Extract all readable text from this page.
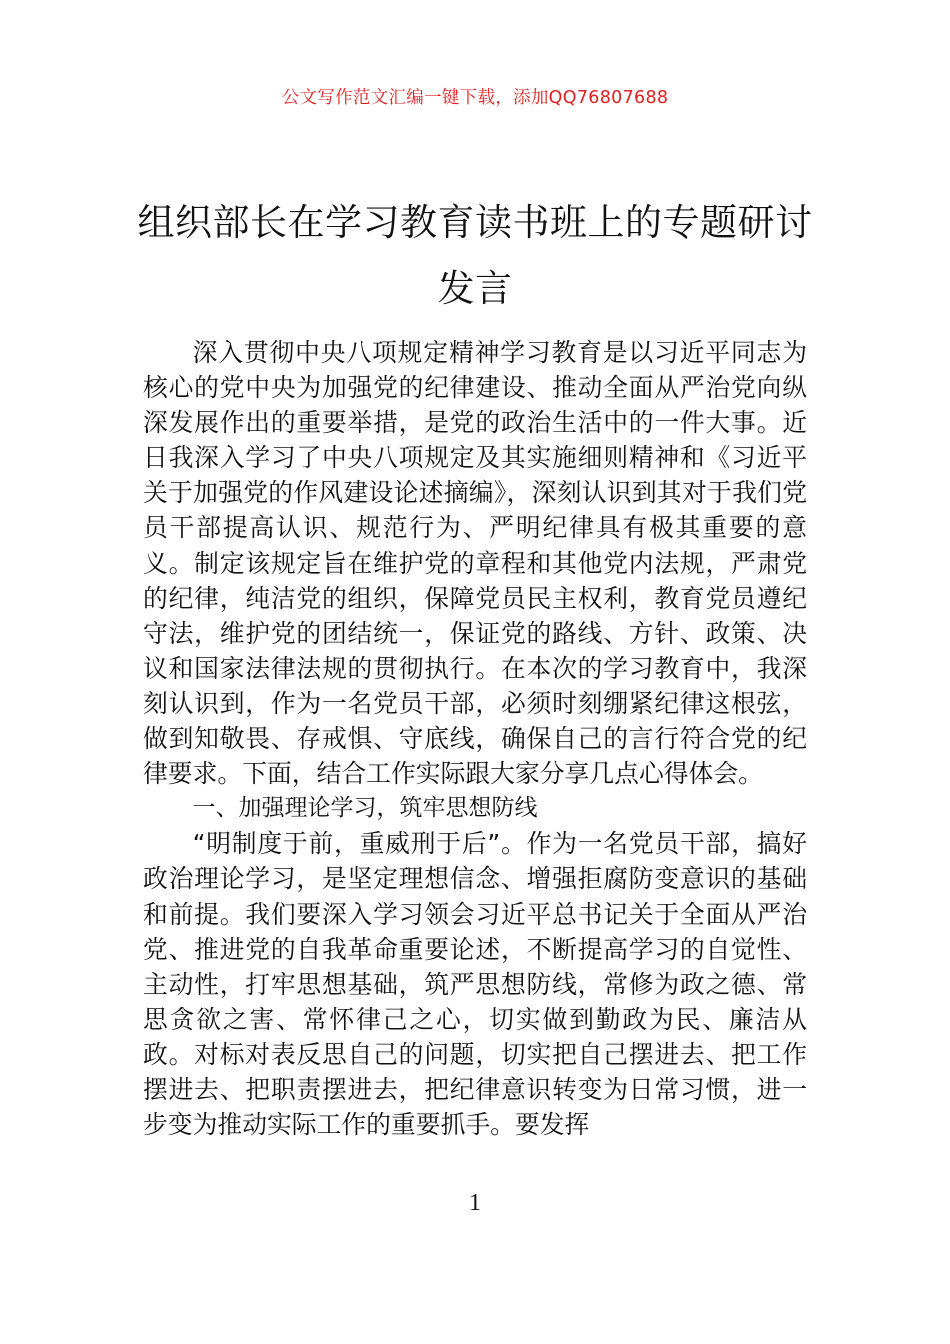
公文写作范文汇编一键下载，添加QQ76807688
组织部长在学习教育读书班上的专题研讨发言

深入贯彻中央八项规定精神学习教育是以习近平同志为核心的党中央为加强党的纪律建设、推动全面从严治党向纵深发展作出的重要举措，是党的政治生活中的一件大事。近日我深入学习了中央八项规定及其实施细则精神和《习近平关于加强党的作风建设论述摘编》，深刻认识到其对于我们党员干部提高认识、规范行为、严明纪律具有极其重要的意义。制定该规定旨在维护党的章程和其他党内法规，严肃党的纪律，纯洁党的组织，保障党员民主权利，教育党员遵纪守法，维护党的团结统一，保证党的路线、方针、政策、决议和国家法律法规的贯彻执行。在本次的学习教育中，我深刻认识到，作为一名党员干部，必须时刻绷紧纪律这根弦，做到知敬畏、存戒惧、守底线，确保自己的言行符合党的纪律要求。下面，结合工作实际跟大家分享几点心得体会。

一、加强理论学习，筑牢思想防线

“明制度于前，重威刑于后”。作为一名党员干部，搞好政治理论学习，是坚定理想信念、增强拒腐防变意识的基础和前提。我们要深入学习领会习近平总书记关于全面从严治党、推进党的自我革命重要论述，不断提高学习的自觉性、主动性，打牢思想基础，筑严思想防线，常修为政之德、常思贪欲之害、常怀律己之心，切实做到勤政为民、廉洁从政。对标对表反思自己的问题，切实把自己摆进去、把工作摆进去、把职责摆进去，把纪律意识转变为日常习惯，进一步变为推动实际工作的重要抓手。要发挥

1
